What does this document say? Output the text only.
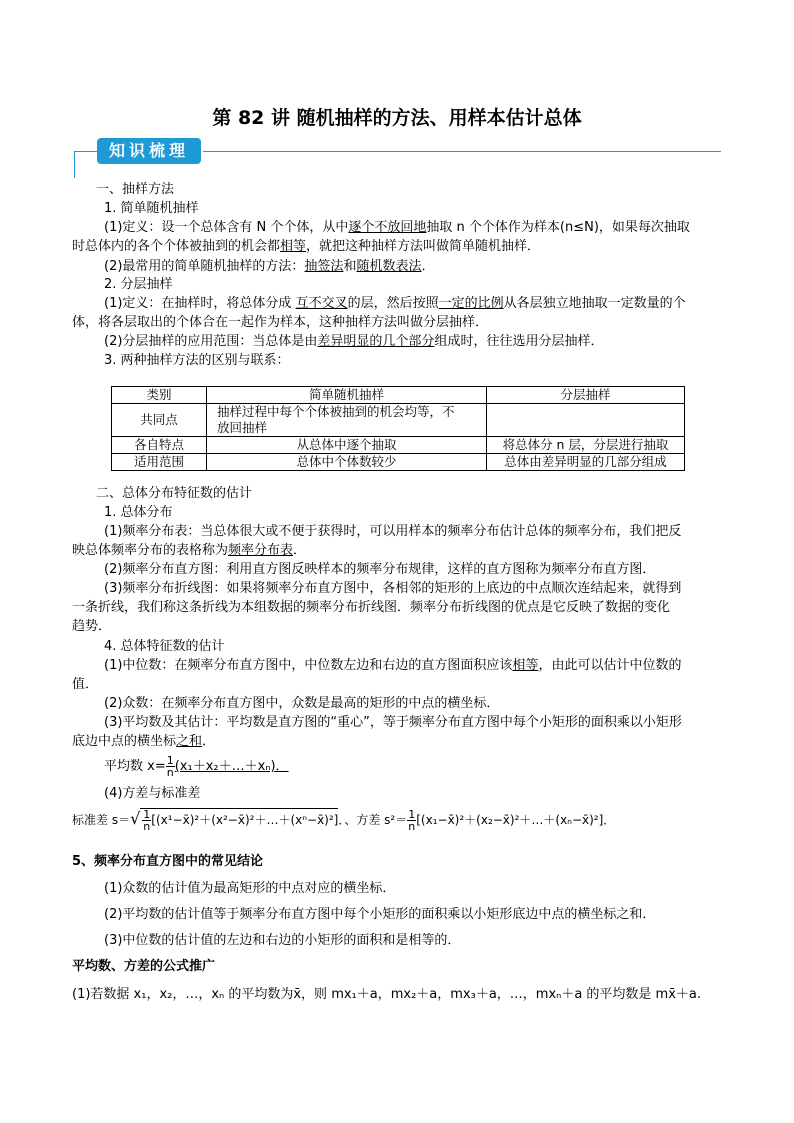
第 82 讲 随机抽样的方法、用样本估计总体
知识梳理
一、抽样方法
1. 简单随机抽样
(1)定义：设一个总体含有 N 个个体，从中逐个不放回地抽取 n 个个体作为样本(n≤N)，如果每次抽取
时总体内的各个个体被抽到的机会都相等，就把这种抽样方法叫做简单随机抽样．
(2)最常用的简单随机抽样的方法：抽签法和随机数表法．
2. 分层抽样
(1)定义：在抽样时，将总体分成 互不交叉的层，然后按照一定的比例从各层独立地抽取一定数量的个
体，将各层取出的个体合在一起作为样本，这种抽样方法叫做分层抽样．
(2)分层抽样的应用范围：当总体是由差异明显的几个部分组成时，往往选用分层抽样．
3. 两种抽样方法的区别与联系：
类别	简单随机抽样	分层抽样
共同点	抽样过程中每个个体被抽到的机会均等，不
放回抽样	

各自特点	从总体中逐个抽取	将总体分 n 层，分层进行抽取
适用范围	总体中个体数较少	总体由差异明显的几部分组成
二、总体分布特征数的估计
1. 总体分布
(1)频率分布表：当总体很大或不便于获得时，可以用样本的频率分布估计总体的频率分布，我们把反
映总体频率分布的表格称为频率分布表．
(2)频率分布直方图：利用直方图反映样本的频率分布规律，这样的直方图称为频率分布直方图．
(3)频率分布折线图：如果将频率分布直方图中，各相邻的矩形的上底边的中点顺次连结起来，就得到
一条折线，我们称这条折线为本组数据的频率分布折线图．频率分布折线图的优点是它反映了数据的变化
趋势．
4. 总体特征数的估计
(1)中位数：在频率分布直方图中，中位数左边和右边的直方图面积应该相等，由此可以估计中位数的
值．
(2)众数：在频率分布直方图中，众数是最高的矩形的中点的横坐标．
(3)平均数及其估计：平均数是直方图的“重心”，等于频率分布直方图中每个小矩形的面积乘以小矩形
底边中点的横坐标之和．
平均数 $x= \frac{1}{n}$ (x₁＋x₂＋…＋xₙ)．
(4)方差与标准差
标准差 $s=√ \frac{1}{n}$ [(x¹−x̄)²＋(x²−x̄)²＋…＋(xⁿ−x̄)²]．、方差 $s^2= \frac{1}{n}$ [(x₁−x̄)²＋(x₂−x̄)²＋…＋(xₙ−x̄)²]．
5、频率分布直方图中的常见结论
(1)众数的估计值为最高矩形的中点对应的横坐标．
(2)平均数的估计值等于频率分布直方图中每个小矩形的面积乘以小矩形底边中点的横坐标之和．
(3)中位数的估计值的左边和右边的小矩形的面积和是相等的．
平均数、方差的公式推广
(1)若数据 x₁，x₂，…，xₙ 的平均数为x̄，则 mx₁＋a，mx₂＋a，mx₃＋a，…，mxₙ＋a 的平均数是 mx̄＋a.
